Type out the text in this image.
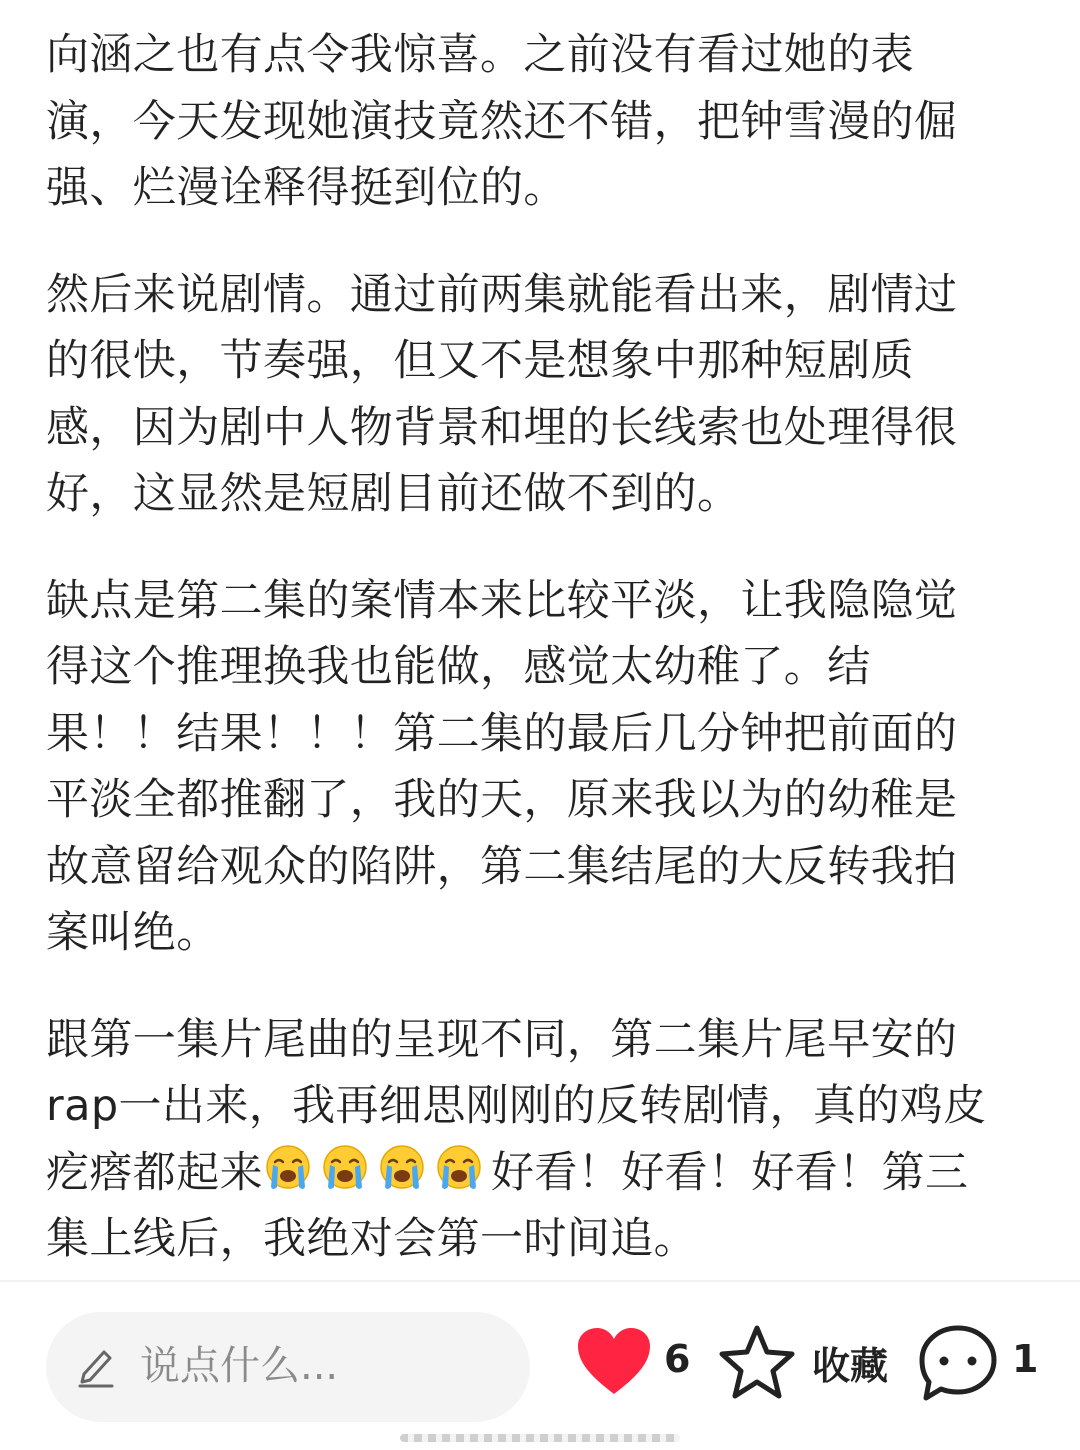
向涵之也有点令我惊喜。之前没有看过她的表
演，今天发现她演技竟然还不错，把钟雪漫的倔
强、烂漫诠释得挺到位的。

然后来说剧情。通过前两集就能看出来，剧情过
的很快，节奏强，但又不是想象中那种短剧质
感，因为剧中人物背景和埋的长线索也处理得很
好，这显然是短剧目前还做不到的。

缺点是第二集的案情本来比较平淡，让我隐隐觉
得这个推理换我也能做，感觉太幼稚了。结
果！！结果！！！第二集的最后几分钟把前面的
平淡全都推翻了，我的天，原来我以为的幼稚是
故意留给观众的陷阱，第二集结尾的大反转我拍
案叫绝。

跟第一集片尾曲的呈现不同，第二集片尾早安的
rap一出来，我再细思刚刚的反转剧情，真的鸡皮
疙瘩都起来	好看！好看！好看！第三
集上线后，我绝对会第一时间追。

说点什么...	6	收藏	1
